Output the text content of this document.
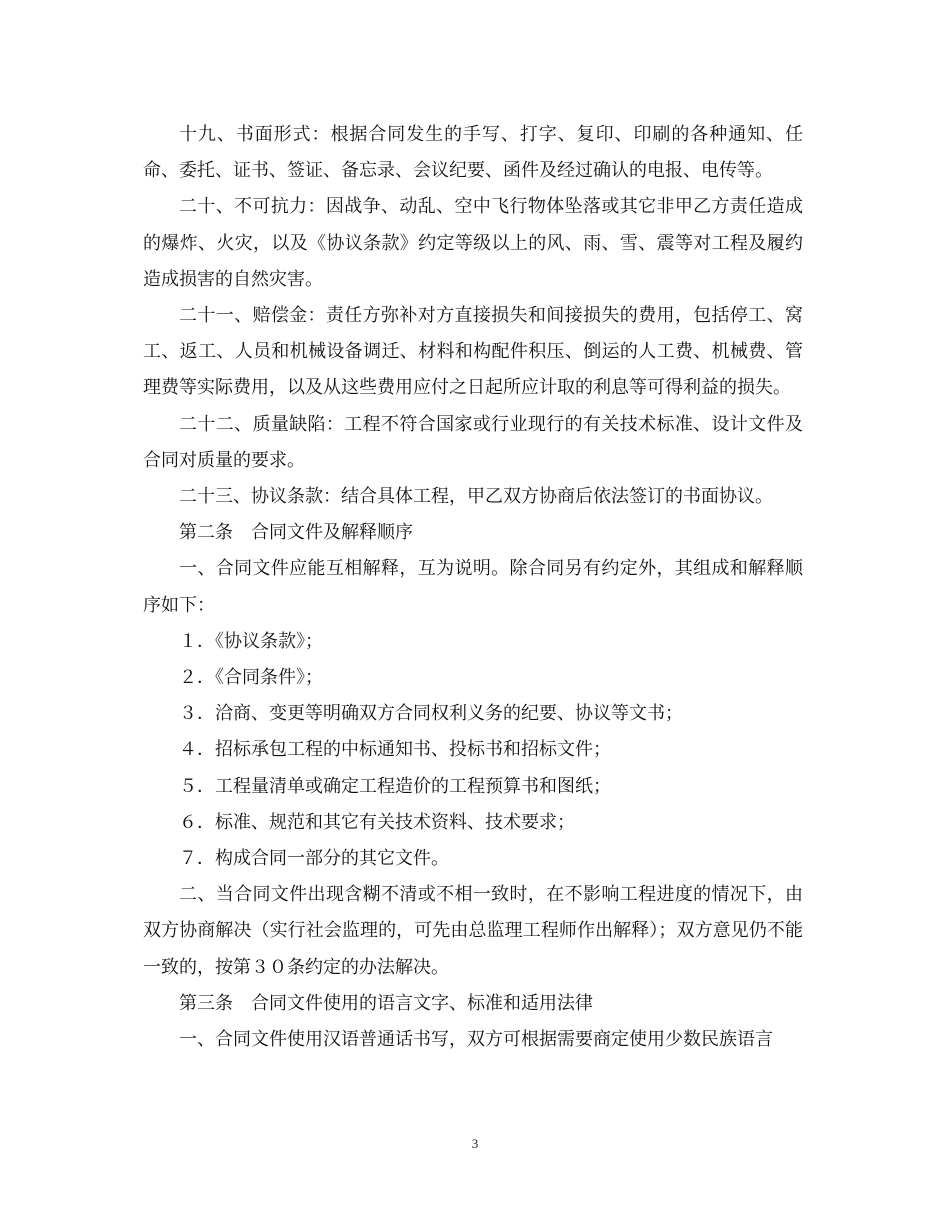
十九、书面形式：根据合同发生的手写、打字、复印、印刷的各种通知、任命、委托、证书、签证、备忘录、会议纪要、函件及经过确认的电报、电传等。

二十、不可抗力：因战争、动乱、空中飞行物体坠落或其它非甲乙方责任造成的爆炸、火灾，以及《协议条款》约定等级以上的风、雨、雪、震等对工程及履约造成损害的自然灾害。

二十一、赔偿金：责任方弥补对方直接损失和间接损失的费用，包括停工、窝工、返工、人员和机械设备调迁、材料和构配件积压、倒运的人工费、机械费、管理费等实际费用，以及从这些费用应付之日起所应计取的利息等可得利益的损失。

二十二、质量缺陷：工程不符合国家或行业现行的有关技术标准、设计文件及合同对质量的要求。

二十三、协议条款：结合具体工程，甲乙双方协商后依法签订的书面协议。

第二条　合同文件及解释顺序

一、合同文件应能互相解释，互为说明。除合同另有约定外，其组成和解释顺序如下：

１．《协议条款》；

２．《合同条件》；

３．洽商、变更等明确双方合同权利义务的纪要、协议等文书；

４．招标承包工程的中标通知书、投标书和招标文件；

５．工程量清单或确定工程造价的工程预算书和图纸；

６．标准、规范和其它有关技术资料、技术要求；

７．构成合同一部分的其它文件。

二、当合同文件出现含糊不清或不相一致时，在不影响工程进度的情况下，由双方协商解决（实行社会监理的，可先由总监理工程师作出解释）；双方意见仍不能一致的，按第３０条约定的办法解决。

第三条　合同文件使用的语言文字、标准和适用法律

一、合同文件使用汉语普通话书写，双方可根据需要商定使用少数民族语言

3
